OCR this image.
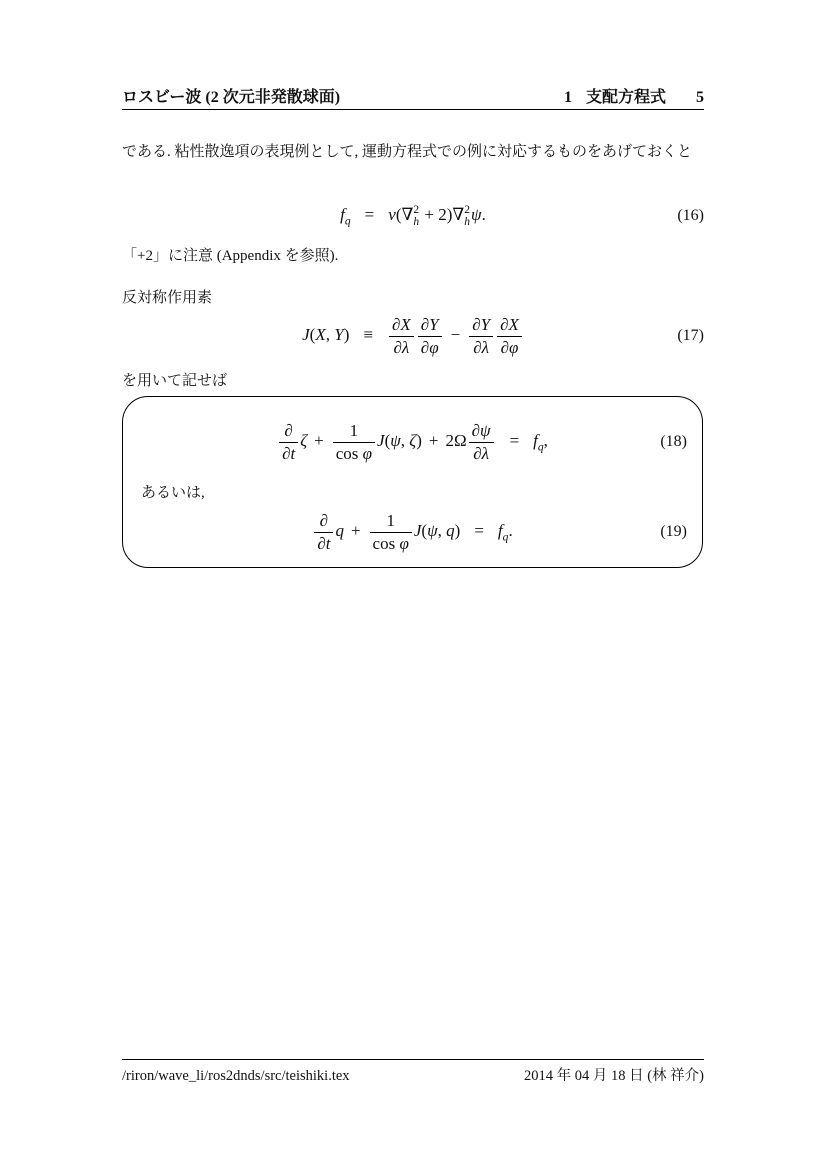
ロスビー波 (2 次元非発散球面)	1 支配方程式 5
である. 粘性散逸項の表現例として, 運動方程式での例に対応するものをあげておくと
$f_q = \nu(\nabla$ 2
h + 2)∇ 2
h ψ.	(16)
「+2」に注意 (Appendix を参照).
反対称作用素
J(X, $Y) \equiv \frac{\partial X}{\partial\lambda} \frac{\partial Y}{\partial\varphi} - \frac{\partial Y}{\partial\lambda} \frac{\partial X}{\partial\varphi}$	(17)
を用いて記せば
$\frac{\partial}{\partial t}$ $\zeta + \frac{1}{\text{cos φ}} J(\psi$, $\zeta) + 2\Omega \frac{\partial\psi}{\partial\lambda} = f_q$,	(18)
あるいは,
$\frac{\partial}{\partial t}$ $q + \frac{1}{\text{cos φ}} J(\psi$, $q) = f_q$.	(19)
/riron/wave_li/ros2dnds/src/teishiki.tex	2014 年 04 月 18 日 (林 祥介)
